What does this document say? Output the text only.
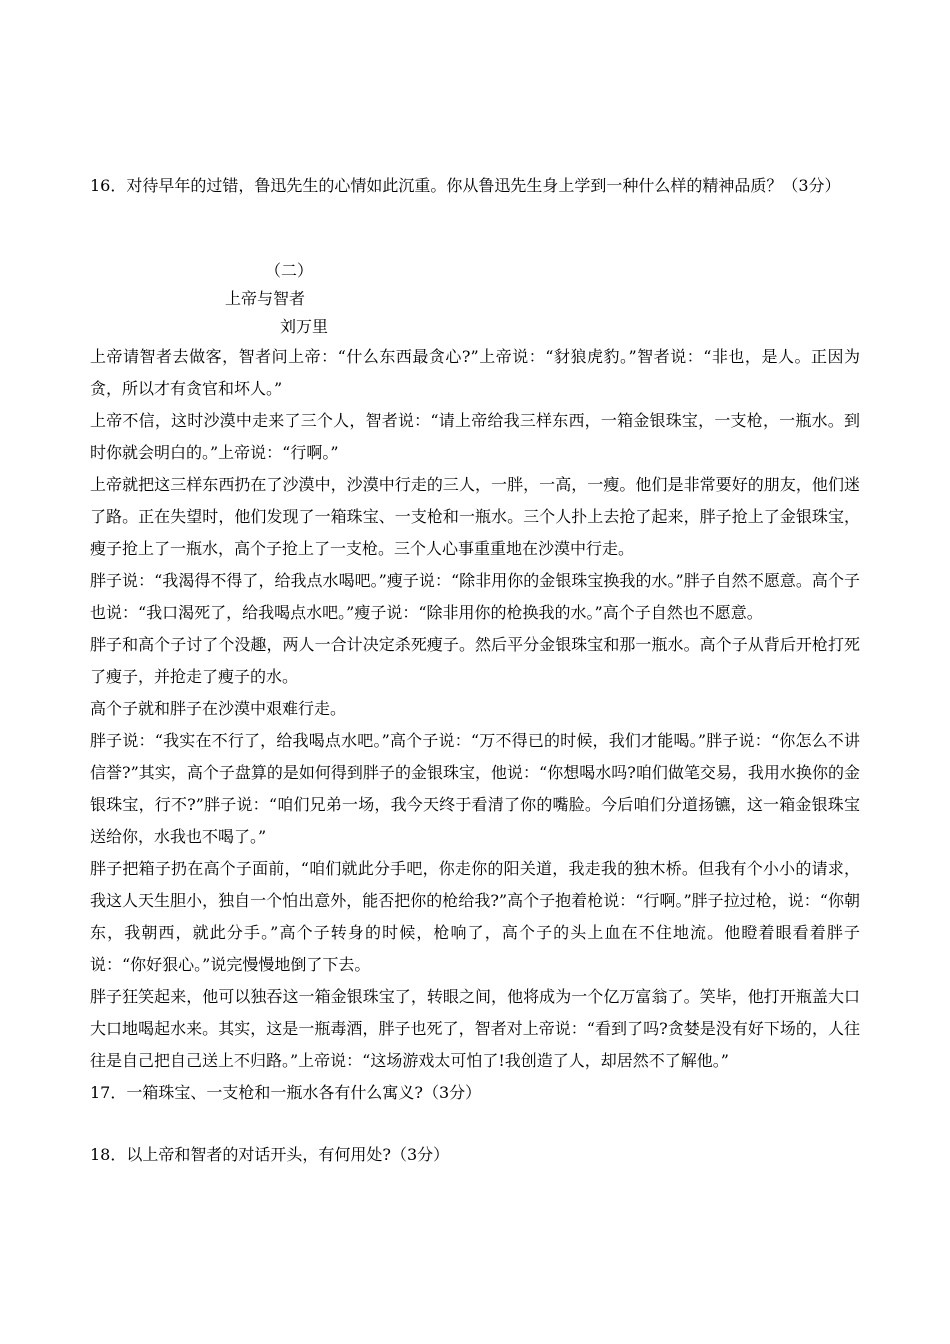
16．对待早年的过错，鲁迅先生的心情如此沉重。你从鲁迅先生身上学到一种什么样的精神品质？（3分）
（二）
上帝与智者
刘万里

上帝请智者去做客，智者问上帝：“什么东西最贪心?”上帝说：“豺狼虎豹。”智者说：“非也，是人。正因为贪，所以才有贪官和坏人。”

上帝不信，这时沙漠中走来了三个人，智者说：“请上帝给我三样东西，一箱金银珠宝，一支枪，一瓶水。到时你就会明白的。”上帝说：“行啊。”

上帝就把这三样东西扔在了沙漠中，沙漠中行走的三人，一胖，一高，一瘦。他们是非常要好的朋友，他们迷了路。正在失望时，他们发现了一箱珠宝、一支枪和一瓶水。三个人扑上去抢了起来，胖子抢上了金银珠宝，瘦子抢上了一瓶水，高个子抢上了一支枪。三个人心事重重地在沙漠中行走。

胖子说：“我渴得不得了，给我点水喝吧。”瘦子说：“除非用你的金银珠宝换我的水。”胖子自然不愿意。高个子也说：“我口渴死了，给我喝点水吧。”瘦子说：“除非用你的枪换我的水。”高个子自然也不愿意。

胖子和高个子讨了个没趣，两人一合计决定杀死瘦子。然后平分金银珠宝和那一瓶水。高个子从背后开枪打死了瘦子，并抢走了瘦子的水。

高个子就和胖子在沙漠中艰难行走。

胖子说：“我实在不行了，给我喝点水吧。”高个子说：“万不得已的时候，我们才能喝。”胖子说：“你怎么不讲信誉?”其实，高个子盘算的是如何得到胖子的金银珠宝，他说：“你想喝水吗?咱们做笔交易，我用水换你的金银珠宝，行不?”胖子说：“咱们兄弟一场，我今天终于看清了你的嘴脸。今后咱们分道扬镳，这一箱金银珠宝送给你，水我也不喝了。”

胖子把箱子扔在高个子面前，“咱们就此分手吧，你走你的阳关道，我走我的独木桥。但我有个小小的请求，我这人天生胆小，独自一个怕出意外，能否把你的枪给我?”高个子抱着枪说：“行啊。”胖子拉过枪，说：“你朝东，我朝西，就此分手。”高个子转身的时候，枪响了，高个子的头上血在不住地流。他瞪着眼看着胖子说：“你好狠心。”说完慢慢地倒了下去。

胖子狂笑起来，他可以独吞这一箱金银珠宝了，转眼之间，他将成为一个亿万富翁了。笑毕，他打开瓶盖大口大口地喝起水来。其实，这是一瓶毒酒，胖子也死了，智者对上帝说：“看到了吗?贪婪是没有好下场的，人往往是自己把自己送上不归路。”上帝说：“这场游戏太可怕了!我创造了人，却居然不了解他。”

17．一箱珠宝、一支枪和一瓶水各有什么寓义?（3分）
18．以上帝和智者的对话开头，有何用处?（3分）
